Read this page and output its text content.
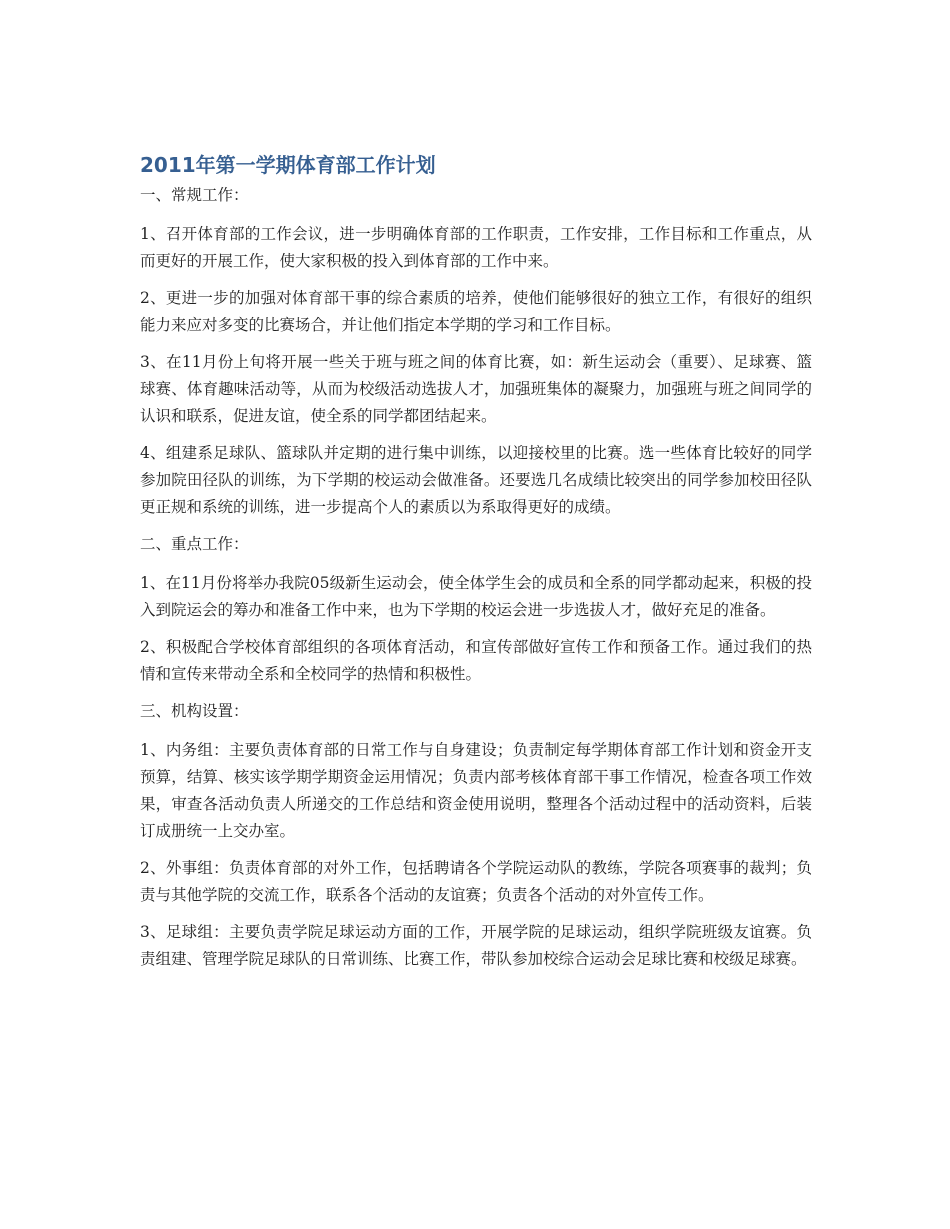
2011年第一学期体育部工作计划
一、常规工作：
1、召开体育部的工作会议，进一步明确体育部的工作职责，工作安排，工作目标和工作重点，从而更好的开展工作，使大家积极的投入到体育部的工作中来。
2、更进一步的加强对体育部干事的综合素质的培养，使他们能够很好的独立工作，有很好的组织能力来应对多变的比赛场合，并让他们指定本学期的学习和工作目标。
3、在11月份上旬将开展一些关于班与班之间的体育比赛，如：新生运动会（重要）、足球赛、篮球赛、体育趣味活动等，从而为校级活动选拔人才，加强班集体的凝聚力，加强班与班之间同学的认识和联系，促进友谊，使全系的同学都团结起来。
4、组建系足球队、篮球队并定期的进行集中训练，以迎接校里的比赛。选一些体育比较好的同学参加院田径队的训练，为下学期的校运动会做准备。还要选几名成绩比较突出的同学参加校田径队更正规和系统的训练，进一步提高个人的素质以为系取得更好的成绩。
二、重点工作：
1、在11月份将举办我院05级新生运动会，使全体学生会的成员和全系的同学都动起来，积极的投入到院运会的筹办和准备工作中来，也为下学期的校运会进一步选拔人才，做好充足的准备。
2、积极配合学校体育部组织的各项体育活动，和宣传部做好宣传工作和预备工作。通过我们的热情和宣传来带动全系和全校同学的热情和积极性。
三、机构设置：
1、内务组：主要负责体育部的日常工作与自身建设；负责制定每学期体育部工作计划和资金开支预算，结算、核实该学期学期资金运用情况；负责内部考核体育部干事工作情况，检查各项工作效果，审查各活动负责人所递交的工作总结和资金使用说明，整理各个活动过程中的活动资料，后装订成册统一上交办室。
2、外事组：负责体育部的对外工作，包括聘请各个学院运动队的教练，学院各项赛事的裁判；负责与其他学院的交流工作，联系各个活动的友谊赛；负责各个活动的对外宣传工作。
3、足球组：主要负责学院足球运动方面的工作，开展学院的足球运动，组织学院班级友谊赛。负责组建、管理学院足球队的日常训练、比赛工作，带队参加校综合运动会足球比赛和校级足球赛。
